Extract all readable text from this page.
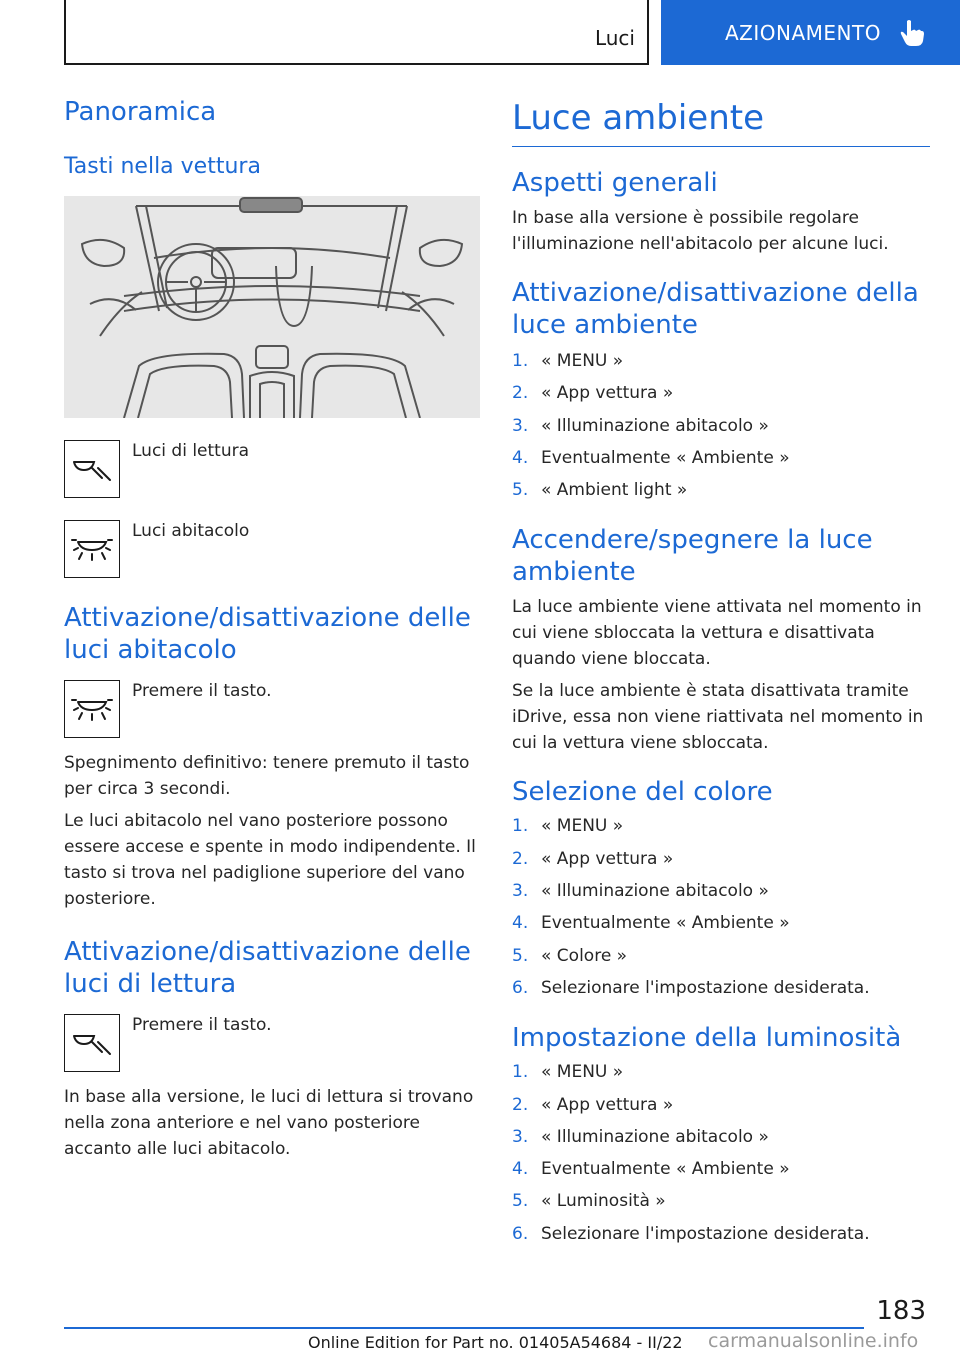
Luci	AZIONAMENTO
Panoramica
Tasti nella vettura
Luci di lettura
Luci abitacolo
Attivazione/disattivazione delle luci abitacolo
Premere il tasto.

Spegnimento definitivo: tenere premuto il tasto per circa 3 secondi.

Le luci abitacolo nel vano posteriore possono essere accese e spente in modo indipendente. Il tasto si trova nel padiglione superiore del vano posteriore.

Attivazione/disattivazione delle luci di lettura
Premere il tasto.

In base alla versione, le luci di lettura si trovano nella zona anteriore e nel vano posteriore accanto alle luci abitacolo.

Luce ambiente
Aspetti generali

In base alla versione è possibile regolare l'illuminazione nell'abitacolo per alcune luci.

Attivazione/disattivazione della luce ambiente
1. « MENU »
2. « App vettura »
3. « Illuminazione abitacolo »
4. Eventualmente « Ambiente »
5. « Ambient light »
Accendere/spegnere la luce ambiente

La luce ambiente viene attivata nel momento in cui viene sbloccata la vettura e disattivata quando viene bloccata.

Se la luce ambiente è stata disattivata tramite iDrive, essa non viene riattivata nel momento in cui la vettura viene sbloccata.

Selezione del colore
1. « MENU »
2. « App vettura »
3. « Illuminazione abitacolo »
4. Eventualmente « Ambiente »
5. « Colore »
6. Selezionare l'impostazione desiderata.
Impostazione della luminosità
1. « MENU »
2. « App vettura »
3. « Illuminazione abitacolo »
4. Eventualmente « Ambiente »
5. « Luminosità »
6. Selezionare l'impostazione desiderata.
183
Online Edition for Part no. 01405A54684 - II/22 carmanualsonline.info
